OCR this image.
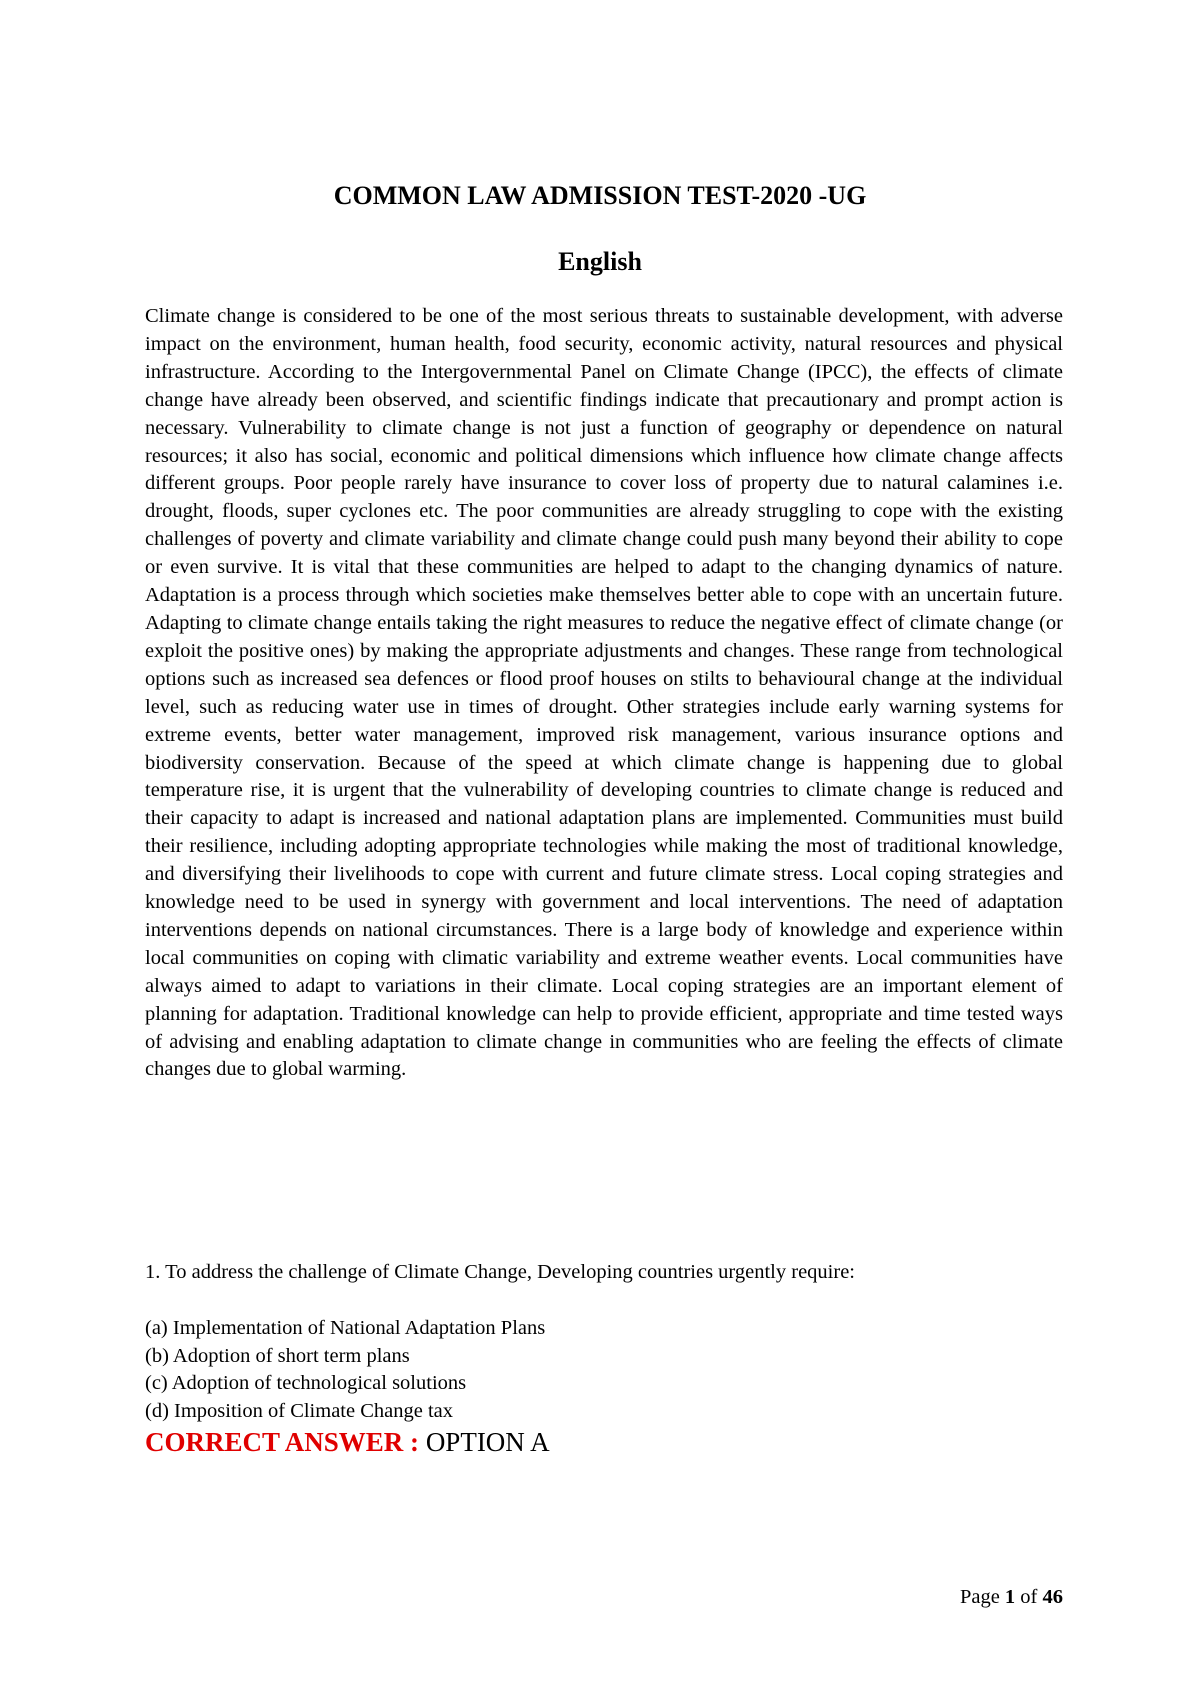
COMMON LAW ADMISSION TEST-2020 -UG
English

Climate change is considered to be one of the most serious threats to sustainable development, with adverse impact on the environment, human health, food security, economic activity, natural resources and physical infrastructure. According to the Intergovernmental Panel on Climate Change (IPCC), the effects of climate change have already been observed, and scientific findings indicate that precautionary and prompt action is necessary. Vulnerability to climate change is not just a function of geography or dependence on natural resources; it also has social, economic and political dimensions which influence how climate change affects different groups. Poor people rarely have insurance to cover loss of property due to natural calamines i.e. drought, floods, super cyclones etc. The poor communities are already struggling to cope with the existing challenges of poverty and climate variability and climate change could push many beyond their ability to cope or even survive. It is vital that these communities are helped to adapt to the changing dynamics of nature. Adaptation is a process through which societies make themselves better able to cope with an uncertain future. Adapting to climate change entails taking the right measures to reduce the negative effect of climate change (or exploit the positive ones) by making the appropriate adjustments and changes. These range from technological options such as increased sea defences or flood proof houses on stilts to behavioural change at the individual level, such as reducing water use in times of drought. Other strategies include early warning systems for extreme events, better water management, improved risk management, various insurance options and biodiversity conservation. Because of the speed at which climate change is happening due to global temperature rise, it is urgent that the vulnerability of developing countries to climate change is reduced and their capacity to adapt is increased and national adaptation plans are implemented. Communities must build their resilience, including adopting appropriate technologies while making the most of traditional knowledge, and diversifying their livelihoods to cope with current and future climate stress. Local coping strategies and knowledge need to be used in synergy with government and local interventions. The need of adaptation interventions depends on national circumstances. There is a large body of knowledge and experience within local communities on coping with climatic variability and extreme weather events. Local communities have always aimed to adapt to variations in their climate. Local coping strategies are an important element of planning for adaptation. Traditional knowledge can help to provide efficient, appropriate and time tested ways of advising and enabling adaptation to climate change in communities who are feeling the effects of climate changes due to global warming.

1. To address the challenge of Climate Change, Developing countries urgently require:

(a) Implementation of National Adaptation Plans
(b) Adoption of short term plans
(c) Adoption of technological solutions
(d) Imposition of Climate Change tax
CORRECT ANSWER : OPTION A
Page 1 of 46
